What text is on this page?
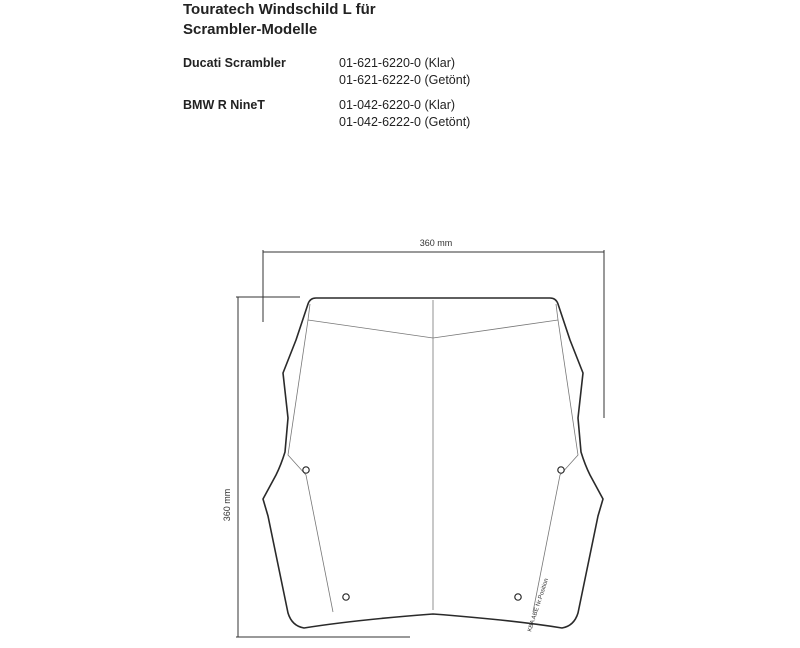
Touratech Windschild L für
Scrambler-Modelle
Ducati Scrambler	01-621-6220-0 (Klar)
01-621-6222-0 (Getönt)
BMW R NineT	01-042-6220-0 (Klar)
01-042-6222-0 (Getönt)
360 mm
360 mm
KBA ABE Nr.Position
